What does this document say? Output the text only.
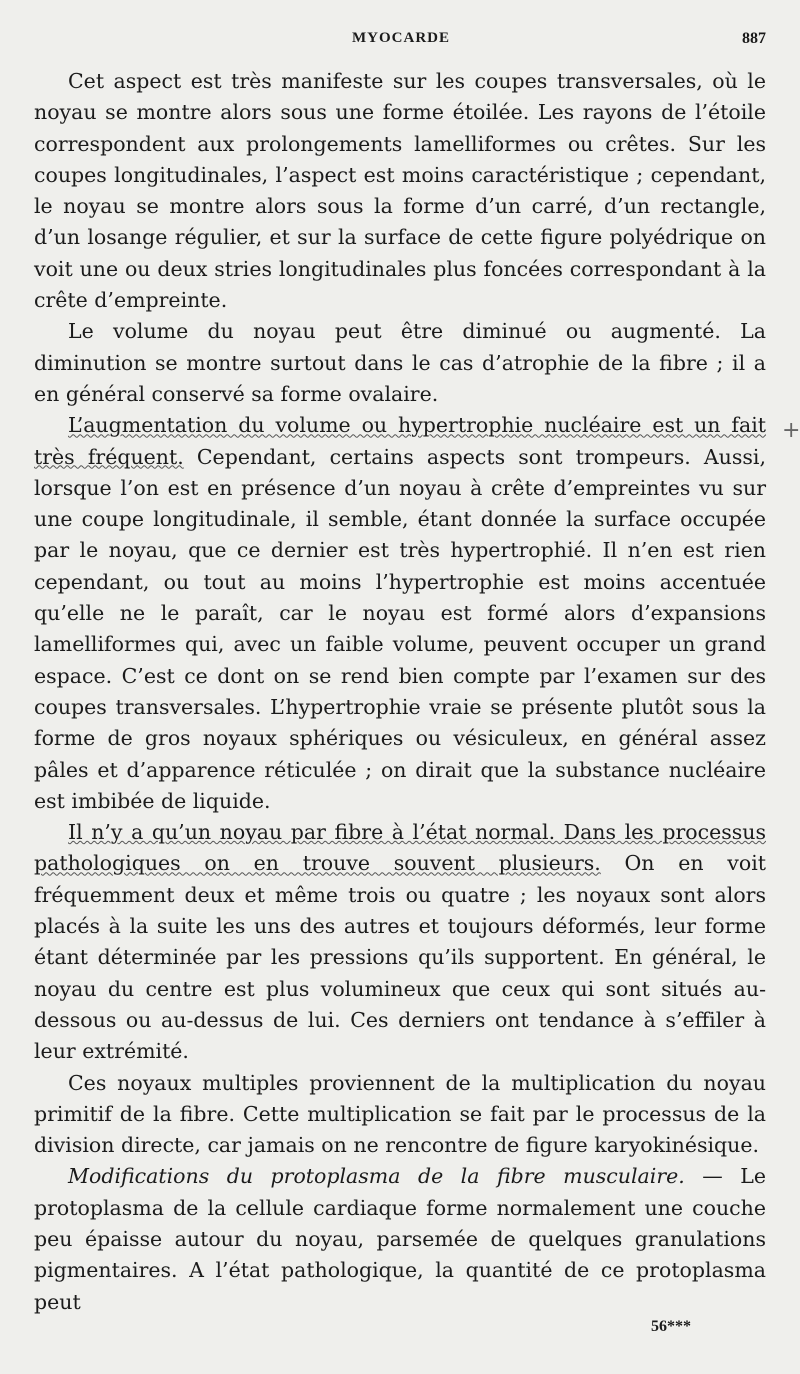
MYOCARDE	887

Cet aspect est très manifeste sur les coupes transversales, où le noyau se montre alors sous une forme étoilée. Les rayons de l’étoile correspondent aux prolongements lamelliformes ou crêtes. Sur les coupes longitudinales, l’aspect est moins caractéristique ; cependant, le noyau se montre alors sous la forme d’un carré, d’un rectangle, d’un losange régulier, et sur la surface de cette figure polyédrique on voit une ou deux stries longitudinales plus foncées correspondant à la crête d’empreinte.

Le volume du noyau peut être diminué ou augmenté. La diminution se montre surtout dans le cas d’atrophie de la fibre ; il a en général conservé sa forme ovalaire.

L’augmentation du volume ou hypertrophie nucléaire est un fait très fréquent. Cependant, certains aspects sont trompeurs. Aussi, lorsque l’on est en présence d’un noyau à crête d’empreintes vu sur une coupe longitudinale, il semble, étant donnée la surface occupée par le noyau, que ce dernier est très hypertrophié. Il n’en est rien cependant, ou tout au moins l’hypertrophie est moins accentuée qu’elle ne le paraît, car le noyau est formé alors d’expansions lamelliformes qui, avec un faible volume, peuvent occuper un grand espace. C’est ce dont on se rend bien compte par l’examen sur des coupes transversales. L’hypertrophie vraie se présente plutôt sous la forme de gros noyaux sphériques ou vésiculeux, en général assez pâles et d’apparence réticulée ; on dirait que la substance nucléaire est imbibée de liquide.

Il n’y a qu’un noyau par fibre à l’état normal. Dans les processus pathologiques on en trouve souvent plusieurs. On en voit fréquemment deux et même trois ou quatre ; les noyaux sont alors placés à la suite les uns des autres et toujours déformés, leur forme étant déterminée par les pressions qu’ils supportent. En général, le noyau du centre est plus volumineux que ceux qui sont situés au-dessous ou au-dessus de lui. Ces derniers ont tendance à s’effiler à leur extrémité.

Ces noyaux multiples proviennent de la multiplication du noyau primitif de la fibre. Cette multiplication se fait par le processus de la division directe, car jamais on ne rencontre de figure karyokinésique.

Modifications du protoplasma de la fibre musculaire. — Le protoplasma de la cellule cardiaque forme normalement une couche peu épaisse autour du noyau, parsemée de quelques granulations pigmentaires. A l’état pathologique, la quantité de ce protoplasma peut

+
56***
